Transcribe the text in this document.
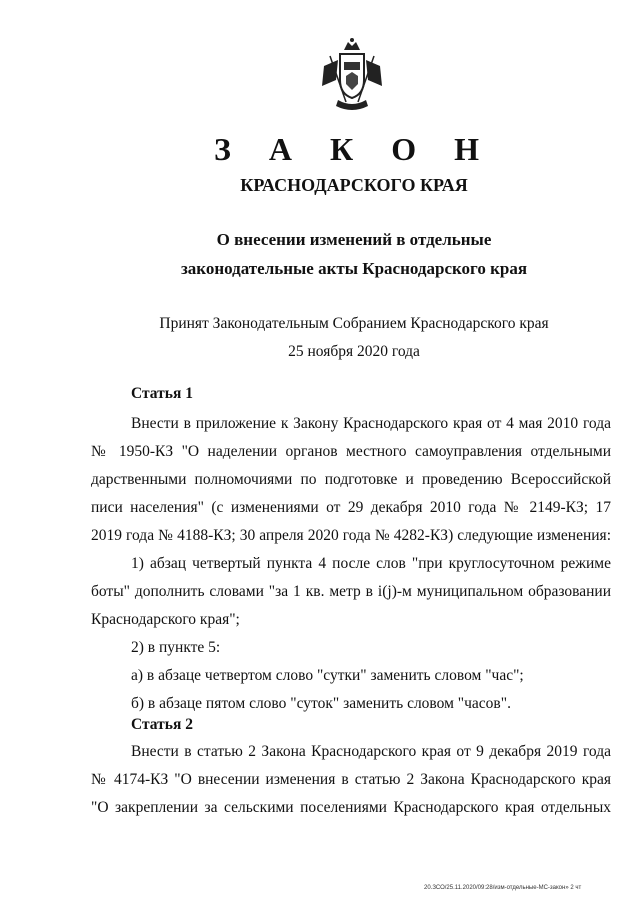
З А К О Н
КРАСНОДАРСКОГО КРАЯ
О внесении изменений в отдельные
законодательные акты Краснодарского края
Принят Законодательным Собранием Краснодарского края
25 ноября 2020 года
Статья 1
Внести в приложение к Закону Краснодарского края от 4 мая 2010 года
№ 1950-КЗ "О наделении органов местного самоуправления отдельными
дарственными полномочиями по подготовке и проведению Всероссийской
писи населения" (с изменениями от 29 декабря 2010 года № 2149-КЗ; 17
2019 года № 4188-КЗ; 30 апреля 2020 года № 4282-КЗ) следующие изменения:
1) абзац четвертый пункта 4 после слов "при круглосуточном режиме
боты" дополнить словами "за 1 кв. метр в i(j)-м муниципальном образовании
Краснодарского края";
2) в пункте 5:
а) в абзаце четвертом слово "сутки" заменить словом "час";
б) в абзаце пятом слово "суток" заменить словом "часов".
Статья 2
Внести в статью 2 Закона Краснодарского края от 9 декабря 2019 года
№ 4174-КЗ "О внесении изменения в статью 2 Закона Краснодарского края
"О закреплении за сельскими поселениями Краснодарского края отдельных
20.ЗСО/25.11.2020/09:28/изм-отдельные-МС-закон» 2 чт
